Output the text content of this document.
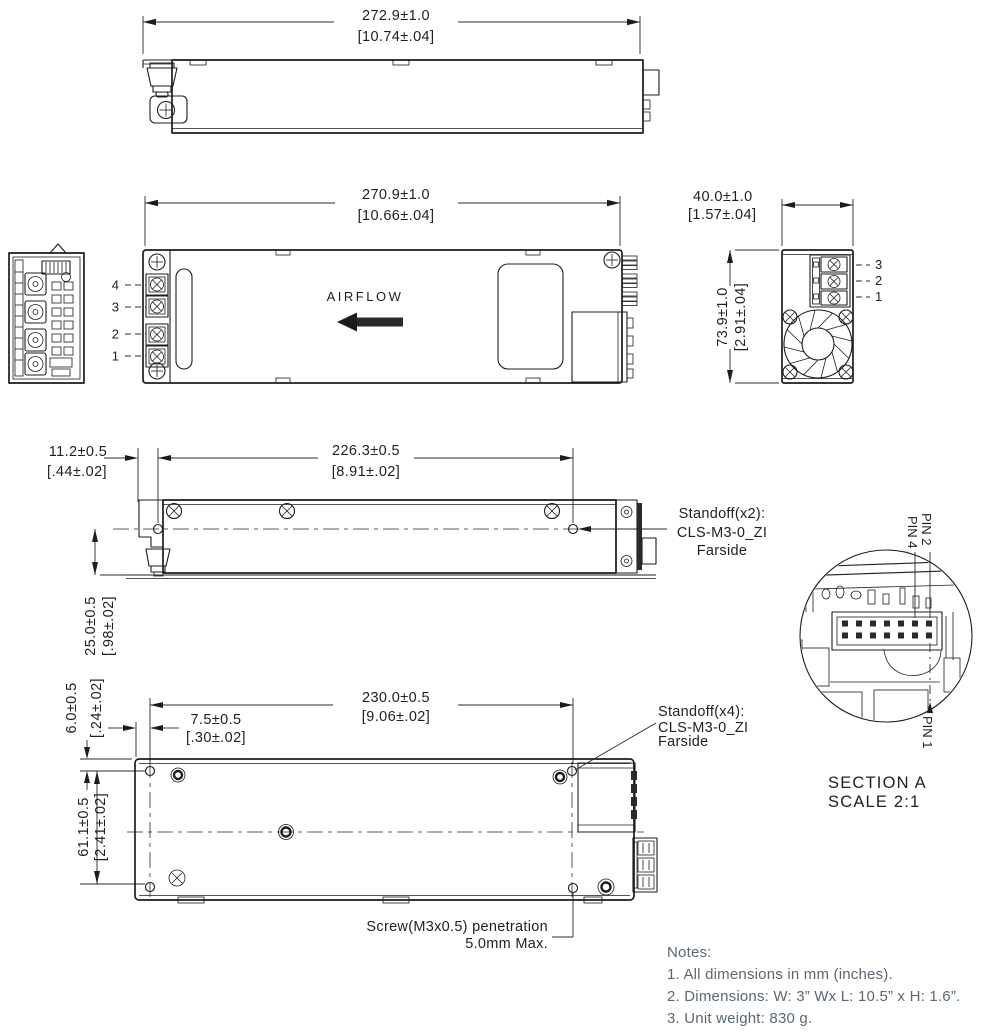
272.9±1.0
[10.74±.04]
270.9±1.0
[10.66±.04]
AIRFLOW
4
3
2
1
40.0±1.0
[1.57±.04]
73.9±1.0 [2.91±.04]
3
2
1
11.2±0.5
[.44±.02]
226.3±0.5
[8.91±.02]
25.0±0.5 [.98±.02]
Standoff(x2):
CLS-M3-0_ZI
Farside
230.0±0.5
[9.06±.02]
7.5±0.5
[.30±.02]
6.0±0.5 [.24±.02]
61.1±0.5 [2.41±.02]
Standoff(x4):
CLS-M3-0_ZI
Farside
Screw(M3x0.5) penetration
5.0mm Max.
PIN 4 PIN 2
PIN 1
SECTION A
SCALE 2:1
Notes:
1. All dimensions in mm (inches).
2. Dimensions: W: 3” Wx L: 10.5” x H: 1.6”.
3. Unit weight: 830 g.
